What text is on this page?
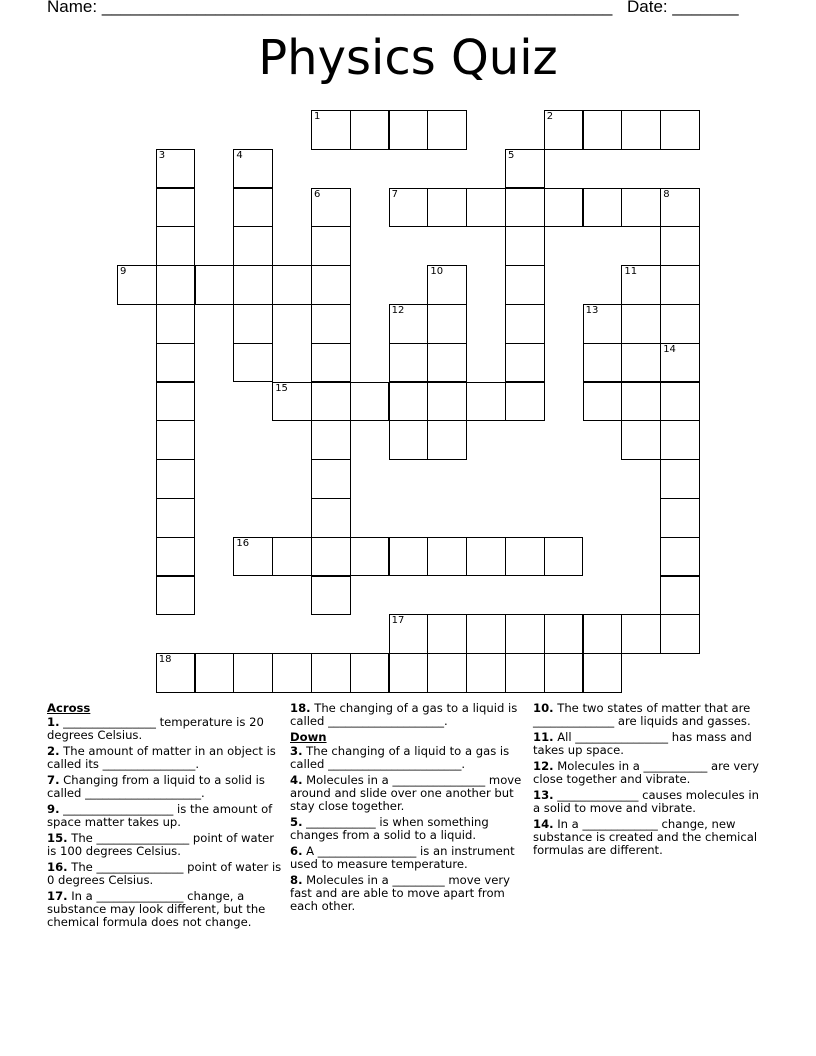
Name: ______________________________________________________ Date: _______
Physics Quiz
1	2
3	4	5
6	7	8
14
9	10	11
12	13
15
16
17
18
Across
1. ________________ temperature is 20 degrees Celsius.
2. The amount of matter in an object is called its ________________.
7. Changing from a liquid to a solid is called ____________________.
9. ___________________ is the amount of space matter takes up.
15. The ________________ point of water is 100 degrees Celsius.
16. The _______________ point of water is 0 degrees Celsius.
17. In a _______________ change, a substance may look different, but the chemical formula does not change.
18. The changing of a gas to a liquid is called ____________________.
Down
3. The changing of a liquid to a gas is called _______________________.
4. Molecules in a ________________ move around and slide over one another but stay close together.
5. ____________ is when something changes from a solid to a liquid.
6. A _________________ is an instrument used to measure temperature.
8. Molecules in a _________ move very fast and are able to move apart from each other.
10. The two states of matter that are ______________ are liquids and gasses.
11. All ________________ has mass and takes up space.
12. Molecules in a ___________ are very close together and vibrate.
13. ______________ causes molecules in a solid to move and vibrate.
14. In a _____________ change, new substance is created and the chemical formulas are different.
